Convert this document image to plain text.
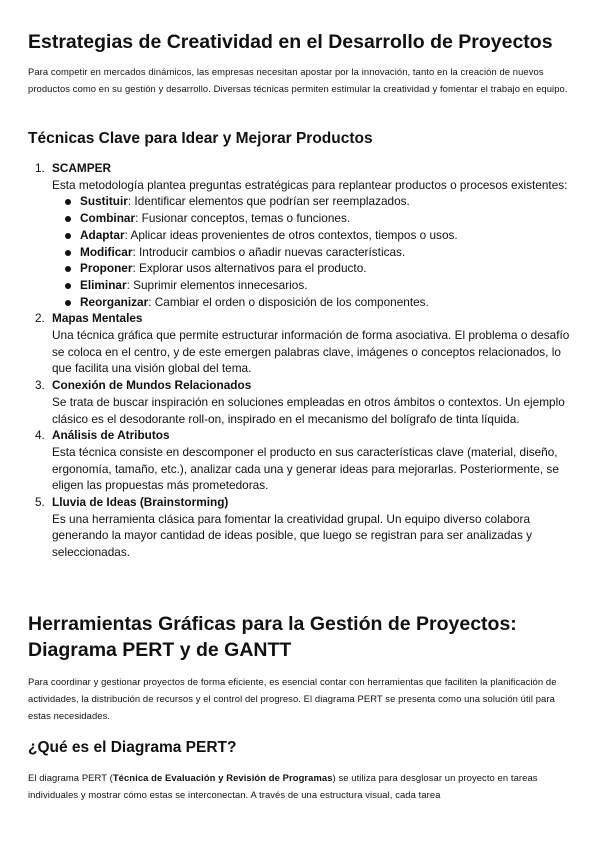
Estrategias de Creatividad en el Desarrollo de Proyectos

Para competir en mercados dinámicos, las empresas necesitan apostar por la innovación, tanto en la creación de nuevos productos como en su gestión y desarrollo. Diversas técnicas permiten estimular la creatividad y fomentar el trabajo en equipo.

Técnicas Clave para Idear y Mejorar Productos
1. SCAMPER
Esta metodología plantea preguntas estratégicas para replantear productos o procesos existentes:
Sustituir: Identificar elementos que podrían ser reemplazados.
Combinar: Fusionar conceptos, temas o funciones.
Adaptar: Aplicar ideas provenientes de otros contextos, tiempos o usos.
Modificar: Introducir cambios o añadir nuevas características.
Proponer: Explorar usos alternativos para el producto.
Eliminar: Suprimir elementos innecesarios.
Reorganizar: Cambiar el orden o disposición de los componentes.
2. Mapas Mentales
Una técnica gráfica que permite estructurar información de forma asociativa. El problema o desafío se coloca en el centro, y de este emergen palabras clave, imágenes o conceptos relacionados, lo que facilita una visión global del tema.
3. Conexión de Mundos Relacionados
Se trata de buscar inspiración en soluciones empleadas en otros ámbitos o contextos. Un ejemplo clásico es el desodorante roll-on, inspirado en el mecanismo del bolígrafo de tinta líquida.
4. Análisis de Atributos
Esta técnica consiste en descomponer el producto en sus características clave (material, diseño, ergonomía, tamaño, etc.), analizar cada una y generar ideas para mejorarlas. Posteriormente, se eligen las propuestas más prometedoras.
5. Lluvia de Ideas (Brainstorming)
Es una herramienta clásica para fomentar la creatividad grupal. Un equipo diverso colabora generando la mayor cantidad de ideas posible, que luego se registran para ser analizadas y seleccionadas.
Herramientas Gráficas para la Gestión de Proyectos: Diagrama PERT y de GANTT

Para coordinar y gestionar proyectos de forma eficiente, es esencial contar con herramientas que faciliten la planificación de actividades, la distribución de recursos y el control del progreso. El diagrama PERT se presenta como una solución útil para estas necesidades.

¿Qué es el Diagrama PERT?

El diagrama PERT (Técnica de Evaluación y Revisión de Programas) se utiliza para desglosar un proyecto en tareas individuales y mostrar cómo estas se interconectan. A través de una estructura visual, cada tarea
